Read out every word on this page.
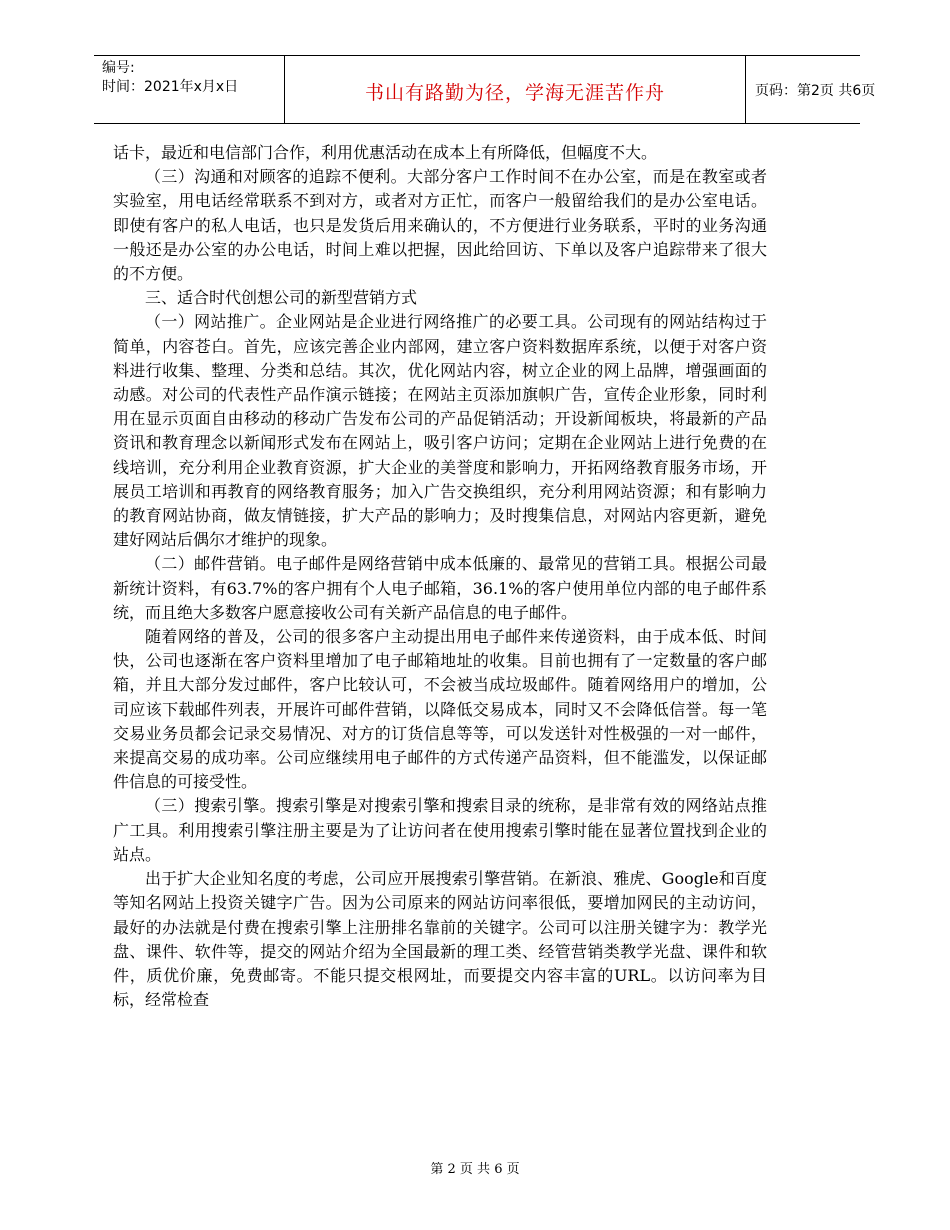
编号:
时间：2021年x月x日	书山有路勤为径，学海无涯苦作舟	页码：第2页 共6页

话卡，最近和电信部门合作，利用优惠活动在成本上有所降低，但幅度不大。

（三）沟通和对顾客的追踪不便利。大部分客户工作时间不在办公室，而是在教室或者实验室，用电话经常联系不到对方，或者对方正忙，而客户一般留给我们的是办公室电话。即使有客户的私人电话，也只是发货后用来确认的，不方便进行业务联系，平时的业务沟通一般还是办公室的办公电话，时间上难以把握，因此给回访、下单以及客户追踪带来了很大的不方便。

三、适合时代创想公司的新型营销方式

（一）网站推广。企业网站是企业进行网络推广的必要工具。公司现有的网站结构过于简单，内容苍白。首先，应该完善企业内部网，建立客户资料数据库系统，以便于对客户资料进行收集、整理、分类和总结。其次，优化网站内容，树立企业的网上品牌，增强画面的动感。对公司的代表性产品作演示链接；在网站主页添加旗帜广告，宣传企业形象，同时利用在显示页面自由移动的移动广告发布公司的产品促销活动；开设新闻板块，将最新的产品资讯和教育理念以新闻形式发布在网站上，吸引客户访问；定期在企业网站上进行免费的在线培训，充分利用企业教育资源，扩大企业的美誉度和影响力，开拓网络教育服务市场，开展员工培训和再教育的网络教育服务；加入广告交换组织，充分利用网站资源；和有影响力的教育网站协商，做友情链接，扩大产品的影响力；及时搜集信息，对网站内容更新，避免建好网站后偶尔才维护的现象。

（二）邮件营销。电子邮件是网络营销中成本低廉的、最常见的营销工具。根据公司最新统计资料，有63.7%的客户拥有个人电子邮箱，36.1%的客户使用单位内部的电子邮件系统，而且绝大多数客户愿意接收公司有关新产品信息的电子邮件。

随着网络的普及，公司的很多客户主动提出用电子邮件来传递资料，由于成本低、时间快，公司也逐渐在客户资料里增加了电子邮箱地址的收集。目前也拥有了一定数量的客户邮箱，并且大部分发过邮件，客户比较认可，不会被当成垃圾邮件。随着网络用户的增加，公司应该下载邮件列表，开展许可邮件营销，以降低交易成本，同时又不会降低信誉。每一笔交易业务员都会记录交易情况、对方的订货信息等等，可以发送针对性极强的一对一邮件，来提高交易的成功率。公司应继续用电子邮件的方式传递产品资料，但不能滥发，以保证邮件信息的可接受性。

（三）搜索引擎。搜索引擎是对搜索引擎和搜索目录的统称，是非常有效的网络站点推广工具。利用搜索引擎注册主要是为了让访问者在使用搜索引擎时能在显著位置找到企业的站点。

出于扩大企业知名度的考虑，公司应开展搜索引擎营销。在新浪、雅虎、Google和百度等知名网站上投资关键字广告。因为公司原来的网站访问率很低，要增加网民的主动访问，最好的办法就是付费在搜索引擎上注册排名靠前的关键字。公司可以注册关键字为：教学光盘、课件、软件等，提交的网站介绍为全国最新的理工类、经管营销类教学光盘、课件和软件，质优价廉，免费邮寄。不能只提交根网址，而要提交内容丰富的URL。以访问率为目标，经常检查

第 2 页 共 6 页
